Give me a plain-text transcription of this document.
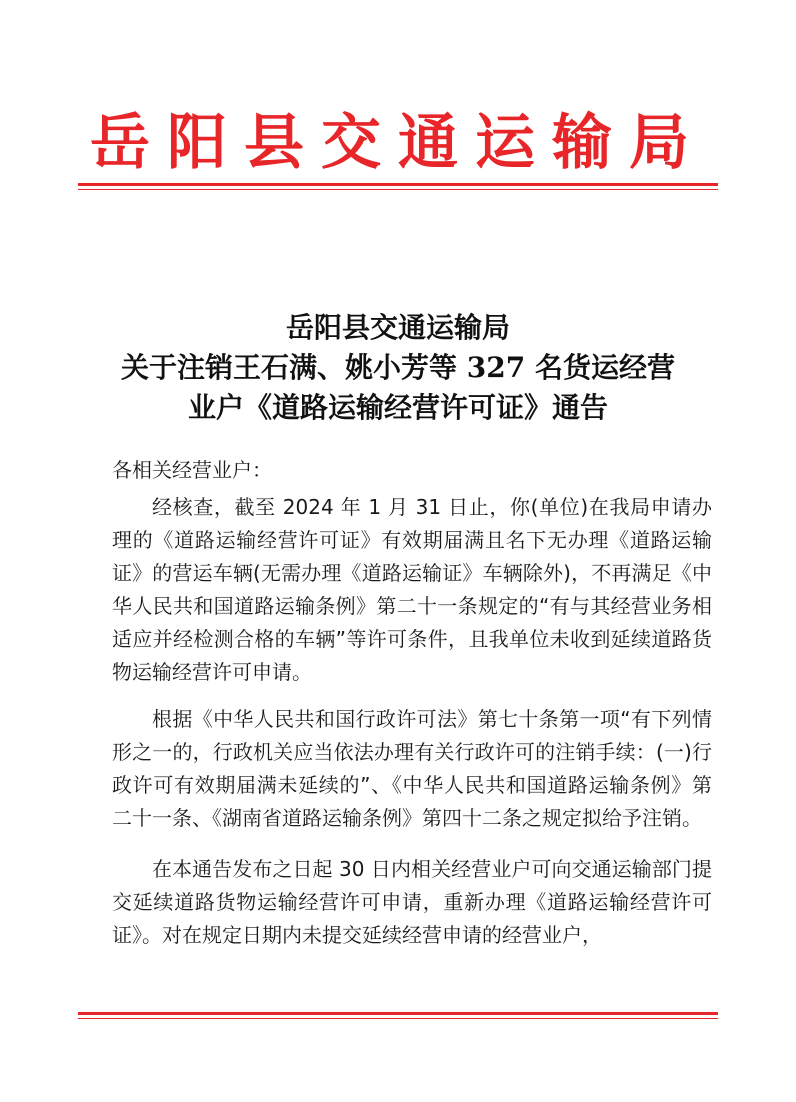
岳阳县交通运输局
岳阳县交通运输局
关于注销王石满、姚小芳等 327 名货运经营
业户《道路运输经营许可证》通告

各相关经营业户：

经核查，截至 2024 年 1 月 31 日止，你(单位)在我局申请办理的《道路运输经营许可证》有效期届满且名下无办理《道路运输证》的营运车辆(无需办理《道路运输证》车辆除外)，不再满足《中华人民共和国道路运输条例》第二十一条规定的“有与其经营业务相适应并经检测合格的车辆”等许可条件，且我单位未收到延续道路货物运输经营许可申请。

根据《中华人民共和国行政许可法》第七十条第一项“有下列情形之一的，行政机关应当依法办理有关行政许可的注销手续：(一)行政许可有效期届满未延续的”、《中华人民共和国道路运输条例》第二十一条、《湖南省道路运输条例》第四十二条之规定拟给予注销。

在本通告发布之日起 30 日内相关经营业户可向交通运输部门提交延续道路货物运输经营许可申请，重新办理《道路运输经营许可证》。对在规定日期内未提交延续经营申请的经营业户，
